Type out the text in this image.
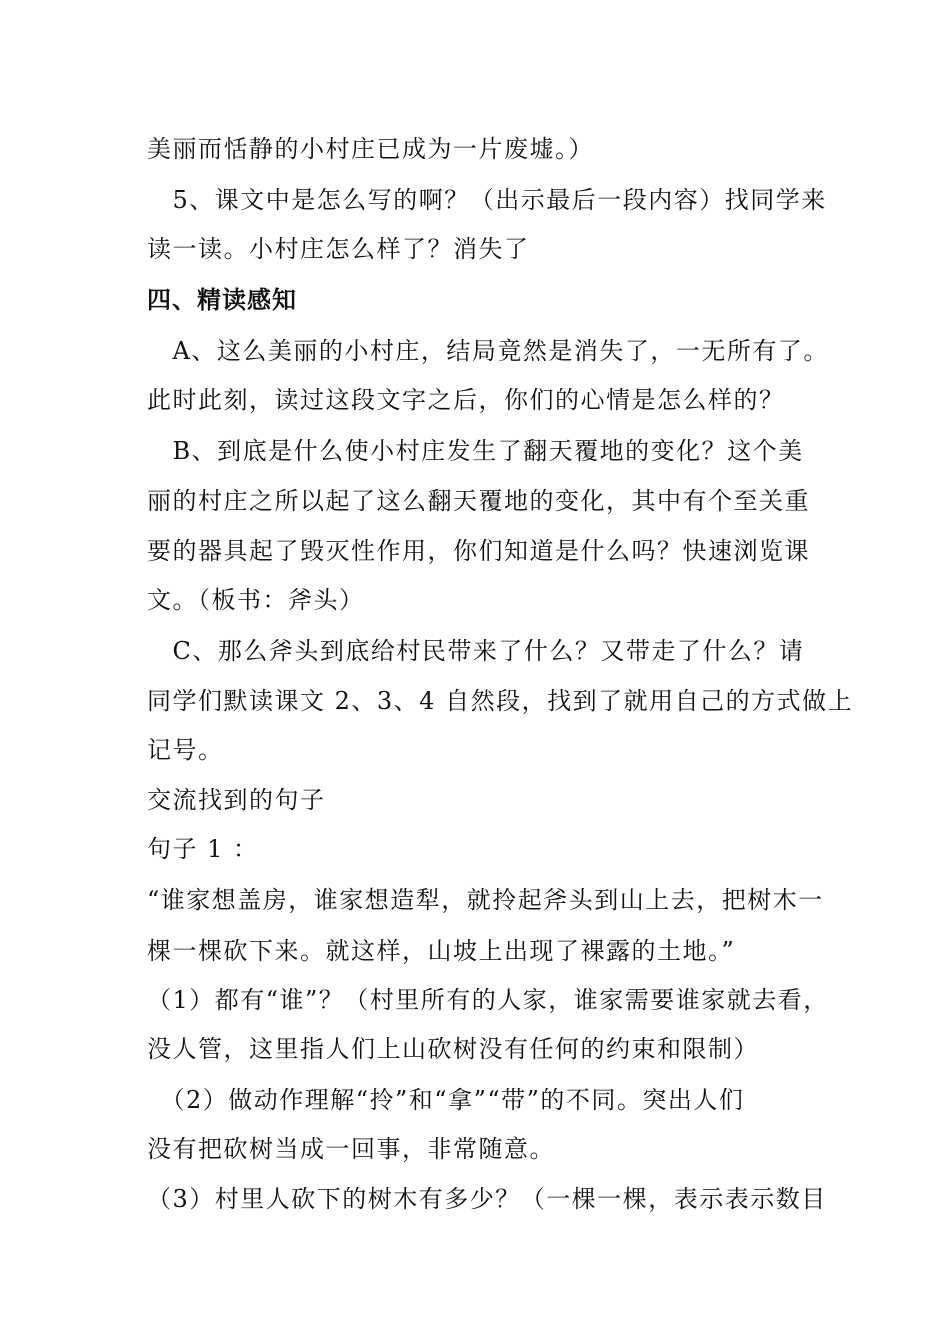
美丽而恬静的小村庄已成为一片废墟。）
　5、课文中是怎么写的啊？（出示最后一段内容）找同学来
读一读。小村庄怎么样了？消失了
四、精读感知
　A、这么美丽的小村庄，结局竟然是消失了，一无所有了。
此时此刻，读过这段文字之后，你们的心情是怎么样的？
　B、到底是什么使小村庄发生了翻天覆地的变化？这个美
丽的村庄之所以起了这么翻天覆地的变化，其中有个至关重
要的器具起了毁灭性作用，你们知道是什么吗？快速浏览课
文。（板书：斧头）
　C、那么斧头到底给村民带来了什么？又带走了什么？请
同学们默读课文 2、3、4 自然段，找到了就用自己的方式做上
记号。
交流找到的句子
句子 1 ：
“谁家想盖房，谁家想造犁，就拎起斧头到山上去，把树木一
棵一棵砍下来。就这样，山坡上出现了裸露的土地。”
（1）都有“谁”？（村里所有的人家，谁家需要谁家就去看，
没人管，这里指人们上山砍树没有任何的约束和限制）
　（2）做动作理解“拎”和“拿”“带”的不同。突出人们
没有把砍树当成一回事，非常随意。
（3）村里人砍下的树木有多少？（一棵一棵，表示表示数目
